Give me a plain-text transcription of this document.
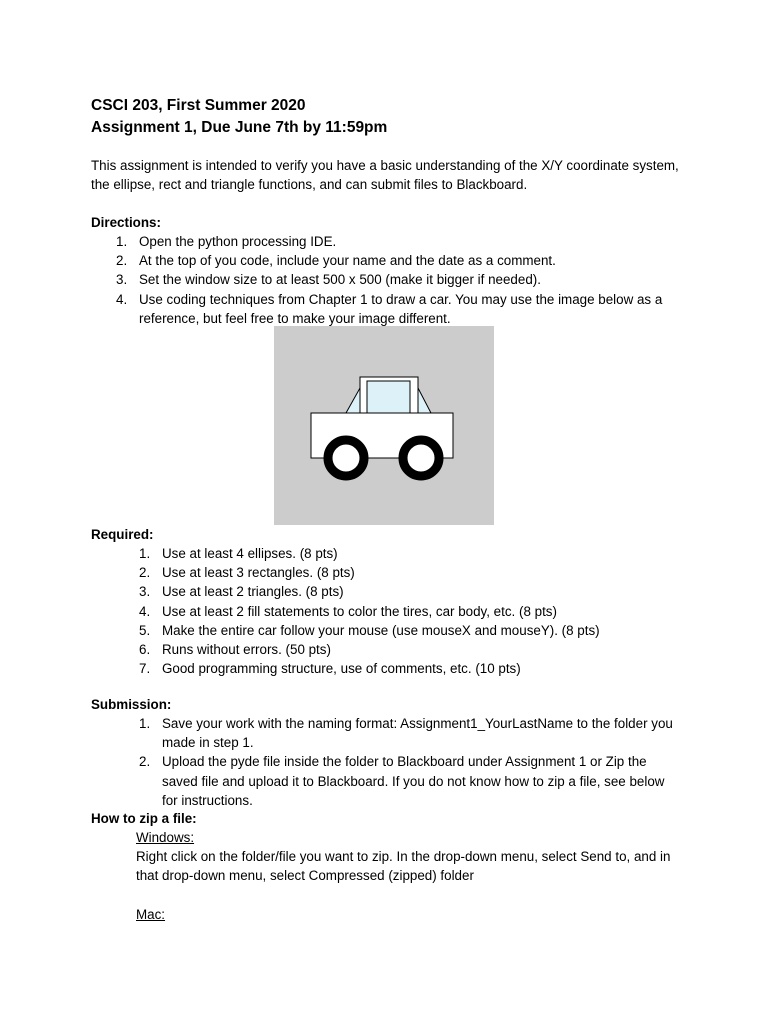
CSCI 203, First Summer 2020

Assignment 1, Due June 7th by 11:59pm

This assignment is intended to verify you have a basic understanding of the X/Y coordinate system, the ellipse, rect and triangle functions, and can submit files to Blackboard.

Directions:

1. Open the python processing IDE.
2. At the top of you code, include your name and the date as a comment.
3. Set the window size to at least 500 x 500 (make it bigger if needed).
4. Use coding techniques from Chapter 1 to draw a car. You may use the image below as a reference, but feel free to make your image different.

Required:

1. Use at least 4 ellipses. (8 pts)
2. Use at least 3 rectangles. (8 pts)
3. Use at least 2 triangles. (8 pts)
4. Use at least 2 fill statements to color the tires, car body, etc. (8 pts)
5. Make the entire car follow your mouse (use mouseX and mouseY). (8 pts)
6. Runs without errors. (50 pts)
7. Good programming structure, use of comments, etc. (10 pts)

Submission:

1. Save your work with the naming format: Assignment1_YourLastName to the folder you made in step 1.
2. Upload the pyde file inside the folder to Blackboard under Assignment 1 or Zip the saved file and upload it to Blackboard. If you do not know how to zip a file, see below for instructions.

How to zip a file:

Windows:

Right click on the folder/file you want to zip. In the drop-down menu, select Send to, and in that drop-down menu, select Compressed (zipped) folder

Mac:
